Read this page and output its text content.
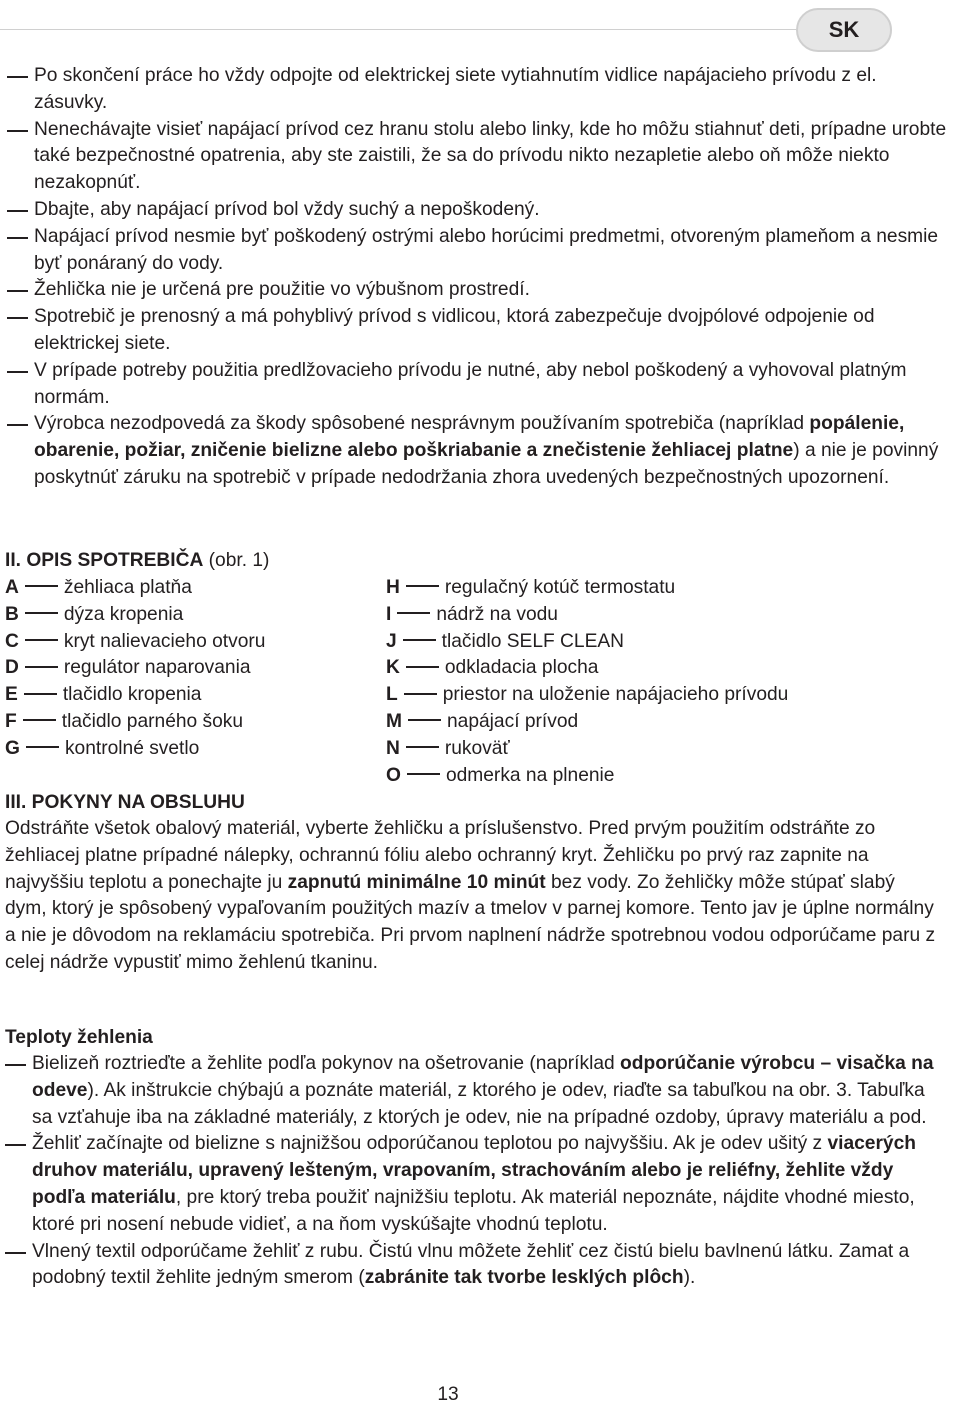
SK
Po skončení práce ho vždy odpojte od elektrickej siete vytiahnutím vidlice napájacieho prívodu z el. zásuvky.
Nenechávajte visieť napájací prívod cez hranu stolu alebo linky, kde ho môžu stiahnuť deti, prípadne urobte také bezpečnostné opatrenia, aby ste zaistili, že sa do prívodu nikto nezapletie alebo oň môže niekto nezakopnúť.
Dbajte, aby napájací prívod bol vždy suchý a nepoškodený.
Napájací prívod nesmie byť poškodený ostrými alebo horúcimi predmetmi, otvoreným plameňom a nesmie byť ponáraný do vody.
Žehlička nie je určená pre použitie vo výbušnom prostredí.
Spotrebič je prenosný a má pohyblivý prívod s vidlicou, ktorá zabezpečuje dvojpólové odpojenie od elektrickej siete.
V prípade potreby použitia predlžovacieho prívodu je nutné, aby nebol poškodený a vyhovoval platným normám.
Výrobca nezodpovedá za škody spôsobené nesprávnym používaním spotrebiča (napríklad popálenie, obarenie, požiar, zničenie bielizne alebo poškriabanie a znečistenie žehliacej platne) a nie je povinný poskytnúť záruku na spotrebič v prípade nedodržania zhora uvedených bezpečnostných upozornení.
II. OPIS SPOTREBIČA (obr. 1)
A žehliaca platňa
B dýza kropenia
C kryt nalievacieho otvoru
D regulátor naparovania
E tlačidlo kropenia
F tlačidlo parného šoku
G kontrolné svetlo
H regulačný kotúč termostatu
I nádrž na vodu
J tlačidlo SELF CLEAN
K odkladacia plocha
L priestor na uloženie napájacieho prívodu
M napájací prívod
N rukoväť
O odmerka na plnenie
III. POKYNY NA OBSLUHU

Odstráňte všetok obalový materiál, vyberte žehličku a príslušenstvo. Pred prvým použitím odstráňte zo žehliacej platne prípadné nálepky, ochrannú fóliu alebo ochranný kryt. Žehličku po prvý raz zapnite na najvyššiu teplotu a ponechajte ju zapnutú minimálne 10 minút bez vody. Zo žehličky môže stúpať slabý dym, ktorý je spôsobený vypaľovaním použitých mazív a tmelov v parnej komore. Tento jav je úplne normálny a nie je dôvodom na reklamáciu spotrebiča. Pri prvom naplnení nádrže spotrebnou vodou odporúčame paru z celej nádrže vypustiť mimo žehlenú tkaninu.

Teploty žehlenia
Bielizeň roztrieďte a žehlite podľa pokynov na ošetrovanie (napríklad odporúčanie výrobcu – visačka na odeve). Ak inštrukcie chýbajú a poznáte materiál, z ktorého je odev, riaďte sa tabuľkou na obr. 3. Tabuľka sa vzťahuje iba na základné materiály, z ktorých je odev, nie na prípadné ozdoby, úpravy materiálu a pod.
Žehliť začínajte od bielizne s najnižšou odporúčanou teplotou po najvyššiu. Ak je odev ušitý z viacerých druhov materiálu, upravený lešteným, vrapovaním, strachováním alebo je reliéfny, žehlite vždy podľa materiálu, pre ktorý treba použiť najnižšiu teplotu. Ak materiál nepoznáte, nájdite vhodné miesto, ktoré pri nosení nebude vidieť, a na ňom vyskúšajte vhodnú teplotu.
Vlnený textil odporúčame žehliť z rubu. Čistú vlnu môžete žehliť cez čistú bielu bavlnenú látku. Zamat a podobný textil žehlite jedným smerom (zabránite tak tvorbe lesklých plôch).
13
